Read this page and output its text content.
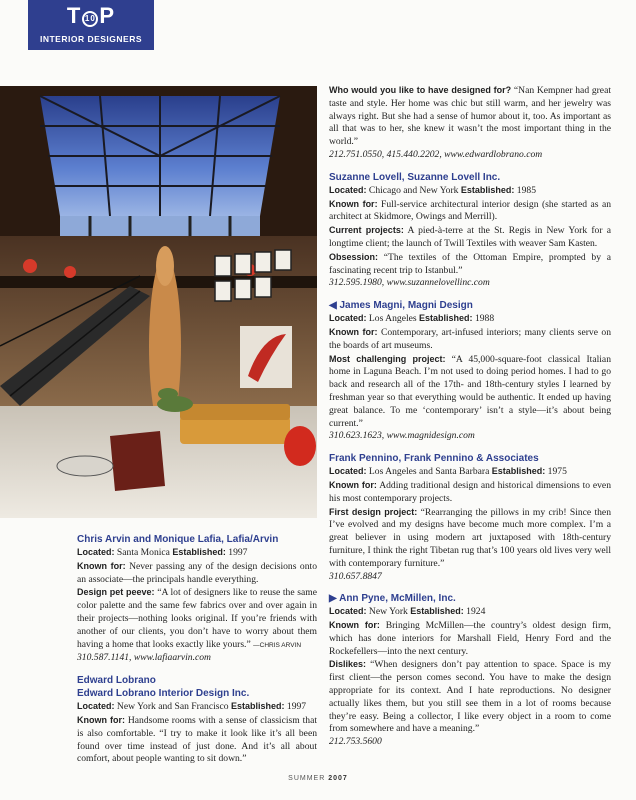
T 10 P
INTERIOR DESIGNERS
Chris Arvin and Monique Lafia, Lafia/Arvin
Located: Santa Monica Established: 1997
Known for: Never passing any of the design decisions onto an associate—the principals handle everything.
Design pet peeve: “A lot of designers like to reuse the same color palette and the same few fabrics over and over again in their projects—nothing looks original. If you’re friends with another of our clients, you don’t have to worry about them having a home that looks exactly like yours.” —CHRIS ARVIN
310.587.1141, www.lafiaarvin.com
Edward Lobrano
Edward Lobrano Interior Design Inc.
Located: New York and San Francisco Established: 1997
Known for: Handsome rooms with a sense of classicism that is also comfortable. “I try to make it look like it’s all been found over time instead of just done. And it’s all about comfort, about people wanting to sit down.”
Who would you like to have designed for? “Nan Kempner had great taste and style. Her home was chic but still warm, and her jewelry was always right. But she had a sense of humor about it, too. As important as all that was to her, she knew it wasn’t the most important thing in the world.”
212.751.0550, 415.440.2202, www.edwardlobrano.com
Suzanne Lovell, Suzanne Lovell Inc.
Located: Chicago and New York Established: 1985
Known for: Full-service architectural interior design (she started as an architect at Skidmore, Owings and Merrill).
Current projects: A pied-à-terre at the St. Regis in New York for a longtime client; the launch of Twill Textiles with weaver Sam Kasten.
Obsession: “The textiles of the Ottoman Empire, prompted by a fascinating recent trip to Istanbul.”
312.595.1980, www.suzannelovellinc.com
◀ James Magni, Magni Design
Located: Los Angeles Established: 1988
Known for: Contemporary, art-infused interiors; many clients serve on the boards of art museums.
Most challenging project: “A 45,000-square-foot classical Italian home in Laguna Beach. I’m not used to doing period homes. I had to go back and research all of the 17th- and 18th-century styles I learned by freshman year so that everything would be authentic. It ended up having great balance. To me ‘contemporary’ isn’t a style—it’s about being current.”
310.623.1623, www.magnidesign.com
Frank Pennino, Frank Pennino & Associates
Located: Los Angeles and Santa Barbara Established: 1975
Known for: Adding traditional design and historical dimensions to even his most contemporary projects.
First design project: “Rearranging the pillows in my crib! Since then I’ve evolved and my designs have become much more complex. I’m a great believer in using modern art juxtaposed with 18th-century furniture, I think the right Tibetan rug that’s 100 years old lives very well with contemporary furniture.”
310.657.8847
▶ Ann Pyne, McMillen, Inc.
Located: New York Established: 1924
Known for: Bringing McMillen—the country’s oldest design firm, which has done interiors for Marshall Field, Henry Ford and the Rockefellers—into the next century.
Dislikes: “When designers don’t pay attention to space. Space is my first client—the person comes second. You have to make the design appropriate for its context. And I hate reproductions. No designer actually likes them, but you still see them in a lot of rooms because they’re easy. Being a collector, I like every object in a room to come from somewhere and have a meaning.”
212.753.5600
SUMMER 2007
